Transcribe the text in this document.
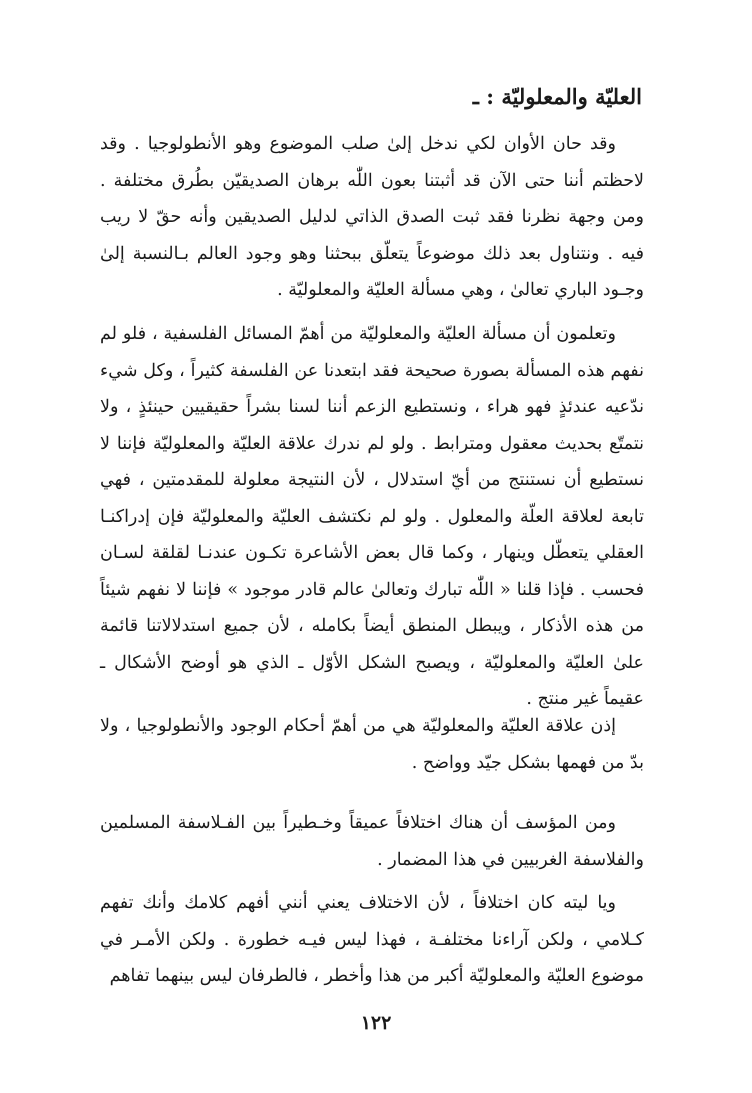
العليّة والمعلوليّة : ـ

وقد حان الأوان لكي ندخل إلىٰ صلب الموضوع وهو الأنطولوجيا . وقد لاحظتم أننا حتى الآن قد أثبتنا بعون اللّٰه برهان الصديقيّن بطُرق مختلفة . ومن وجهة نظرنا فقد ثبت الصدق الذاتي لدليل الصديقين وأنه حقّ لا ريب فيه . ونتناول بعد ذلك موضوعاً يتعلّق ببحثنا وهو وجود العالم بـالنسبة إلىٰ وجـود الباري تعالىٰ ، وهي مسألة العليّة والمعلوليّة .

وتعلمون أن مسألة العليّة والمعلوليّة من أهمّ المسائل الفلسفية ، فلو لم نفهم هذه المسألة بصورة صحيحة فقد ابتعدنا عن الفلسفة كثيراً ، وكل شيء ندّعيه عندئذٍ فهو هراء ، ونستطيع الزعم أننا لسنا بشراً حقيقيين حينئذٍ ، ولا نتمتّع بحديث معقول ومترابط . ولو لم ندرك علاقة العليّة والمعلوليّة فإننا لا نستطيع أن نستنتج من أيّ استدلال ، لأن النتيجة معلولة للمقدمتين ، فهي تابعة لعلاقة العلّة والمعلول . ولو لم نكتشف العليّة والمعلوليّة فإن إدراكنـا العقلي يتعطّل وينهار ، وكما قال بعض الأشاعرة تكـون عندنـا لقلقة لسـان فحسب . فإذا قلنا « اللّٰه تبارك وتعالىٰ عالم قادر موجود » فإننا لا نفهم شيئاً من هذه الأذكار ، ويبطل المنطق أيضاً بكامله ، لأن جميع استدلالاتنا قائمة علىٰ العليّة والمعلوليّة ، ويصبح الشكل الأوّل ـ الذي هو أوضح الأشكال ـ عقيماً غير منتج .

إذن علاقة العليّة والمعلوليّة هي من أهمّ أحكام الوجود والأنطولوجيا ، ولا بدّ من فهمها بشكل جيّد وواضح .

ومن المؤسف أن هناك اختلافاً عميقاً وخـطيراً بين الفـلاسفة المسلمين والفلاسفة الغربيين في هذا المضمار .

ويا ليته كان اختلافاً ، لأن الاختلاف يعني أنني أفهم كلامك وأنك تفهم كـلامي ، ولكن آراءنا مختلفـة ، فهذا ليس فيـه خطورة . ولكن الأمـر في موضوع العليّة والمعلوليّة أكبر من هذا وأخطر ، فالطرفان ليس بينهما تفاهم

١٢٢
